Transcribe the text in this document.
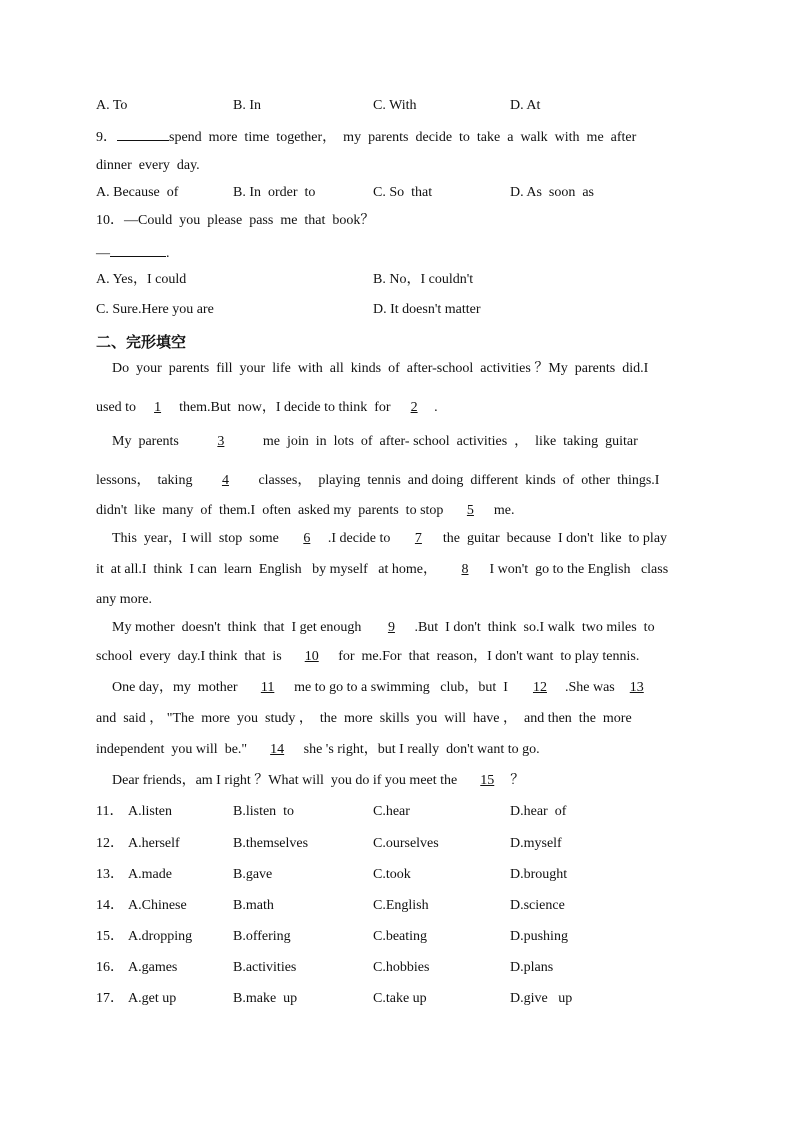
A. To	B. In	C. With	D. At
9．	spend  more  time  together，  my  parents  decide  to  take  a  walk  with  me  after
dinner  every  day.
A. Because  of	B. In  order  to	C. So  that	D. As  soon  as
10．—Could  you  please  pass  me  that  book？
—	.
A. Yes，I could	B. No，I couldn't
C. Sure.Here you are	D. It doesn't matter
二、完形填空
Do  your  parents  fill  your  life  with  all  kinds  of  after-school  activities ？My  parents  did.I
used to 1 them.But  now，I decide to think  for 2 .
My  parents	3	me  join  in  lots  of  after- school  activities  ，  like  taking  guitar
lessons，  taking 4 classes，  playing  tennis  and doing  different  kinds  of  other  things.I
didn't  like  many  of  them.I  often  asked my  parents  to stop 5 me.
This  year，I will  stop  some 6 .I decide to 7 the  guitar  because  I don't  like  to play
it  at all.I  think  I can  learn  English   by myself   at home， 8 I won't  go to the English   class
any more.
My mother  doesn't  think  that  I get enough 9 .But  I don't  think  so.I walk  two miles  to
school  every  day.I think  that  is 10 for  me.For  that  reason，I don't want  to play tennis.
One day，my  mother 11 me to go to a swimming   club，but  I 12 .She was 13
and  said ， "The  more  you  study ，  the  more  skills  you  will  have ，  and then  the  more
independent  you will  be." 14 she 's right，but I really  don't want to go.
Dear friends，am I right ？What will  you do if you meet the 15 ？
11． A.listen	B.listen  to	C.hear	D.hear  of
12． A.herself	B.themselves	C.ourselves	D.myself
13． A.made	B.gave	C.took	D.brought
14． A.Chinese	B.math	C.English	D.science
15． A.dropping	B.offering	C.beating	D.pushing
16． A.games	B.activities	C.hobbies	D.plans
17． A.get up	B.make  up	C.take up	D.give   up
